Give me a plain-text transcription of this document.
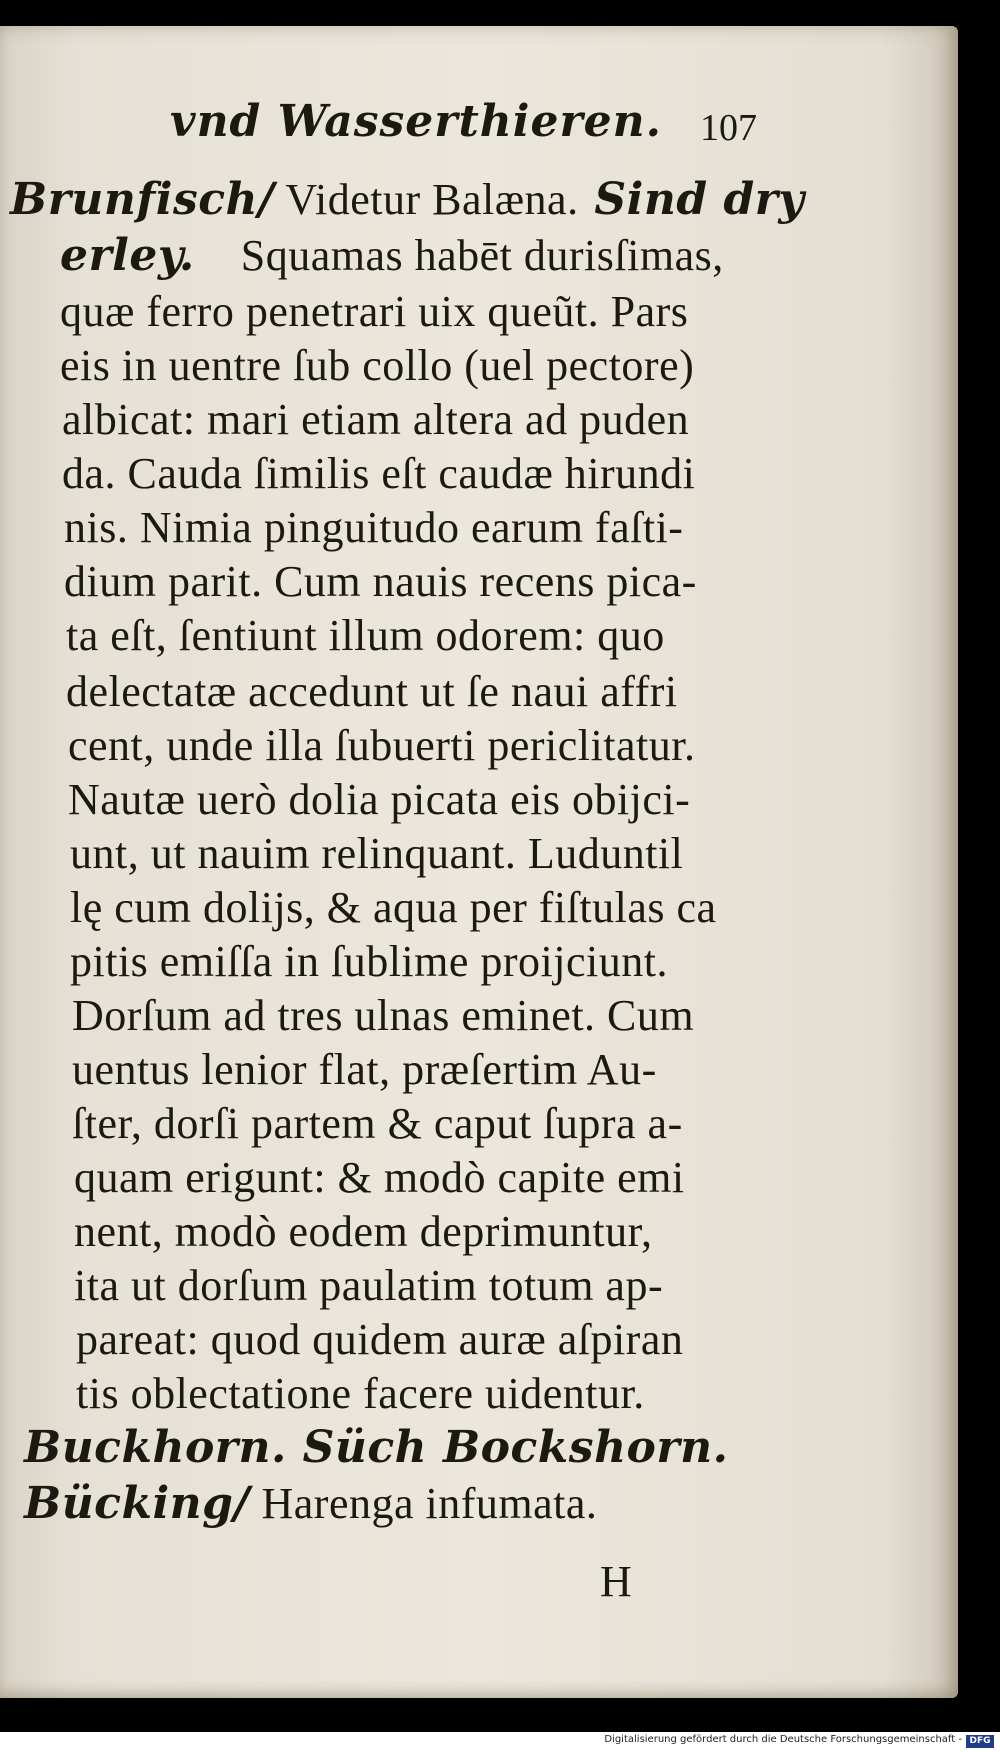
vnd Wasserthieren. 107
Brunfisch/ Videtur Balæna. Sind dry
erley.    Squamas habēt durisſimas,
quæ ferro penetrari uix queũt. Pars
eis in uentre ſub collo (uel pectore)
albicat: mari etiam altera ad puden
da. Cauda ſimilis eſt caudæ hirundi
nis. Nimia pinguitudo earum faſti-
dium parit. Cum nauis recens pica-
ta eſt, ſentiunt illum odorem: quo
delectatæ accedunt ut ſe naui affri
cent, unde illa ſubuerti periclitatur.
Nautæ uerò dolia picata eis obijci-
unt, ut nauim relinquant. Luduntil
lę cum dolijs, & aqua per fiſtulas ca
pitis emiſſa in ſublime proijciunt.
Dorſum ad tres ulnas eminet. Cum
uentus lenior flat, præſertim Au-
ſter, dorſi partem & caput ſupra a-
quam erigunt: & modò capite emi
nent, modò eodem deprimuntur,
ita ut dorſum paulatim totum ap-
pareat: quod quidem auræ aſpiran
tis oblectatione facere uidentur.
Buckhorn. Süch Bockshorn.
Bücking/ Harenga infumata.
H
Digitalisierung gefördert durch die Deutsche Forschungsgemeinschaft - DFG
